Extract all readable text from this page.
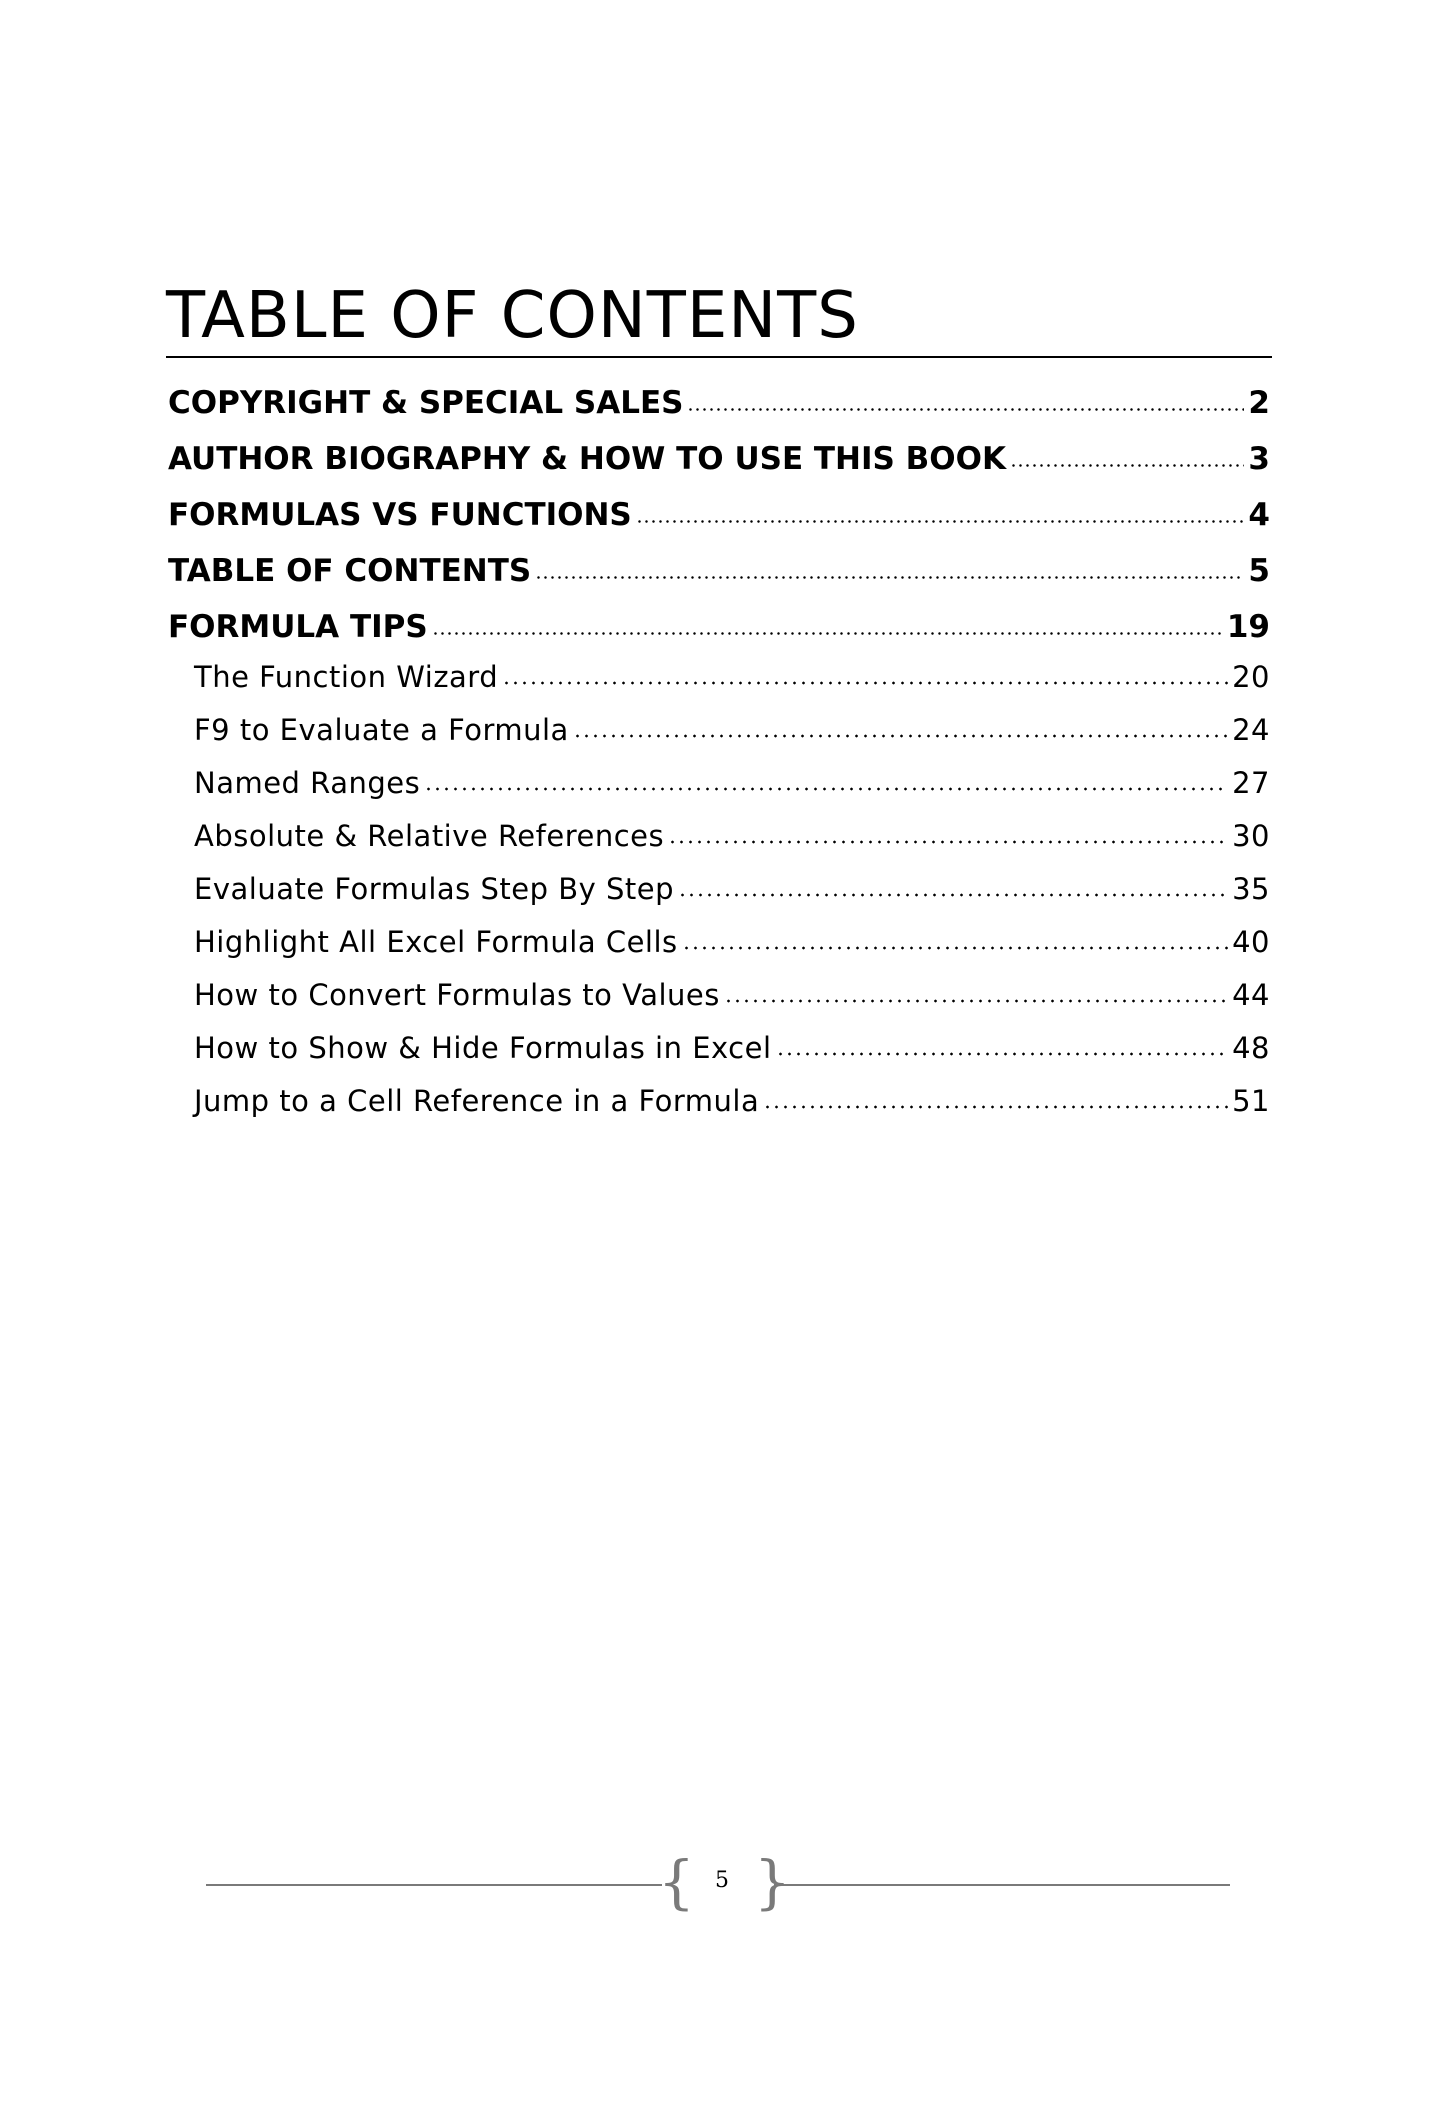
TABLE OF CONTENTS
COPYRIGHT & SPECIAL SALES	2
AUTHOR BIOGRAPHY & HOW TO USE THIS BOOK	3
FORMULAS VS FUNCTIONS	4
TABLE OF CONTENTS	5
FORMULA TIPS	19
The Function Wizard	20
F9 to Evaluate a Formula	24
Named Ranges	27
Absolute & Relative References	30
Evaluate Formulas Step By Step	35
Highlight All Excel Formula Cells	40
How to Convert Formulas to Values	44
How to Show & Hide Formulas in Excel	48
Jump to a Cell Reference in a Formula	51
{ 5 }
